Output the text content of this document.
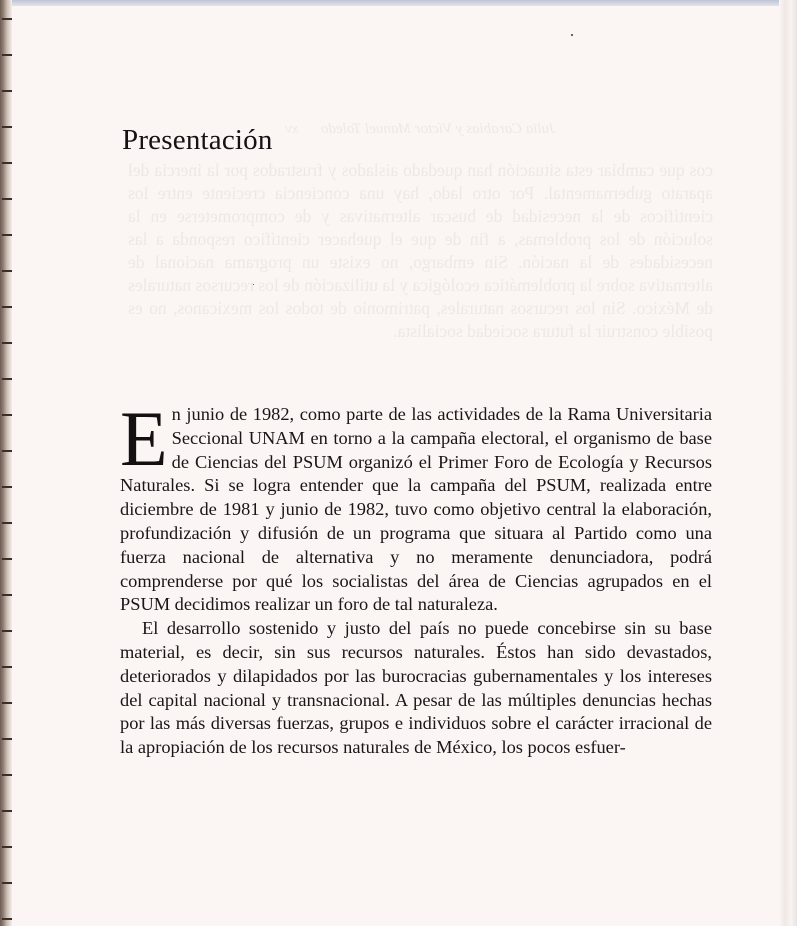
Julia Carabias y Víctor Manuel Toledo      xv

cos que cambiar esta situación han quedado aislados y frustrados por la inercia del aparato gubernamental. Por otro lado, hay una conciencia creciente entre los científicos de la necesidad de buscar alternativas y de comprometerse en la solución de los problemas, a fin de que el quehacer científico responda a las necesidades de la nación. Sin embargo, no existe un programa nacional de alternativa sobre la problemática ecológica y la utilización de los recursos naturales de México. Sin los recursos naturales, patrimonio de todos los mexicanos, no es posible construir la futura sociedad socialista.

Presentación

En junio de 1982, como parte de las actividades de la Rama Universitaria Seccional UNAM en torno a la campaña electoral, el organismo de base de Ciencias del PSUM organizó el Primer Foro de Ecología y Recursos Naturales. Si se logra entender que la campaña del PSUM, realizada entre diciembre de 1981 y junio de 1982, tuvo como objetivo central la elaboración, profundización y difusión de un programa que situara al Partido como una fuerza nacional de alternativa y no meramente denunciadora, podrá comprenderse por qué los socialistas del área de Ciencias agrupados en el PSUM decidimos realizar un foro de tal naturaleza.

El desarrollo sostenido y justo del país no puede concebirse sin su base material, es decir, sin sus recursos naturales. Éstos han sido devastados, deteriorados y dilapidados por las burocracias gubernamentales y los intereses del capital nacional y transnacional. A pesar de las múltiples denuncias hechas por las más diversas fuerzas, grupos e individuos sobre el carácter irracional de la apropiación de los recursos naturales de México, los pocos esfuer-
